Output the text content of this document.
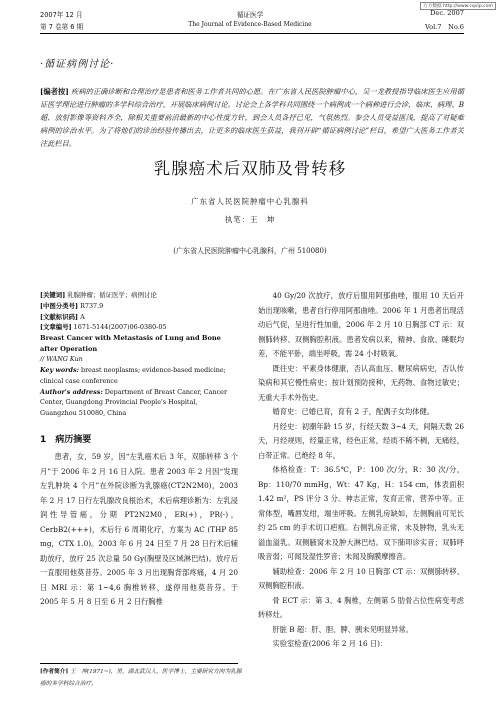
万方数据 http://www.cqvip.com
2007年 12 月
第 7 卷第 6 期
循证医学
The Journal of Evidence-Based Medicine
Dec. 2007
Vol.7　No.6
·循证病例讨论·
[编者按] 疾病的正确诊断和合理治疗是患者和医务工作者共同的心愿。在广东省人民医院肿瘤中心，吴一龙教授指导临床医生应用循证医学理论进行肿瘤的多学科综合治疗，开展临床病例讨论。讨论会上各学科共同围绕一个病例或一个病种进行会诊，临床、病理、B超、放射影像等资料齐全，除相关重要前沿最新的中心性度方针，到会人员各抒已见，气氛热烈。参会人员受益匪浅，提高了对疑难病例的诊治水平。为了将他们的诊治经验传播出去，让更多的临床医生获益，我刊开辟“循证病例讨论”栏目，希望广大医务工作者关注此栏目。
乳腺癌术后双肺及骨转移
广东省人民医院肿瘤中心乳腺科
执笔：王　坤
(广东省人民医院肿瘤中心乳腺科，广州 510080)

[关键词] 乳腺肿瘤；循证医学；病例讨论

[中图分类号] R737.9

[文献标识码] A

[文章编号] 1671-5144(2007)06-0380-05

Breast Cancer with Metastasis of Lung and Bone after Operation

// WANG Kun

Key words: breast neoplasms; evidence-based medicine; clinical case conference

Author's address: Department of Breast Cancer, Cancer Center, Guangdong Provincial People's Hospital, Guangzhou 510080, China

1　病历摘要

患者，女，59 岁，因“左乳癌术后 3 年，双肺转移 3 个月”于 2006 年 2 月 16 日入院。患者 2003 年 2 月因“发现左乳肿块 4 个月”在外院诊断为乳腺癌(CT2N2M0)，2003 年 2 月 17 日行左乳腺改良根治术，术后病理诊断为：左乳浸润性导管癌，分期 PT2N2M0，ER(+)，PR(-)，CerbB2(+++)，术后行 6 周期化疗，方案为 AC (THP 85 mg，CTX 1.0)。2003 年 6 月 24 日至 7 月 28 日行术后辅助放疗，放疗 25 次总量 50 Gy(胸壁及区域淋巴结)。放疗后一直服用他莫昔芬。2005 年 3 月出现胸背部疼痛，4 月 20 日 MRI 示：第 1~4,6 胸椎转移，遂停用他莫昔芬。于 2005 年 5 月 8 日至 6 月 2 日行胸椎

40 Gy/20 次放疗，放疗后服用阿那曲唑，服用 10 天后开始出现咳嗽，患者自行停用阿那曲唑。2006 年 1 月患者出现活动后气促，呈进行性加重，2006 年 2 月 10 日胸部 CT 示：双侧肺转移、双侧胸腔积液。患者发病以来，精神、食欲、睡眠均差，不能平卧，端坐呼吸，需 24 小时吸氧。

既往史：平素身体健康，否认高血压、糖尿病病史，否认传染病和其它慢性病史；按计划预防接种，无药物、食物过敏史；无重大手术外伤史。

婚育史：已婚已育，育有 2 子，配偶子女均体健。

月经史：初潮年龄 15 岁，行经天数 3~4 天，间隔天数 26 天，月经规则，经量正常，经色正常，经质不稀不稠，无痛经，白带正常。已绝经 8 年。

体格检查：T：36.5℃，P：100 次/分，R：30 次/分，Bp：110/70 mmHg，Wt：47 Kg，H：154 cm，体表面积 1.42 m²，PS 评分 3 分。神志正常，发育正常，营养中等。正常体型，嘴唇发绀，端坐呼吸。左侧乳房缺如，左侧胸前可见长约 25 cm 的手术切口疤痕。右侧乳房正常，未及肿物，乳头无溢血溢乳。双侧腋窝未及肿大淋巴结。双下肺叩诊实音；双肺呼吸音弱；可闻及湿性罗音；未闻及胸膜摩擦音。

辅助检查：2006 年 2 月 10 日胸部 CT 示：双侧肺转移、双侧胸腔积液。

骨 ECT 示：第 3、4 胸椎，左侧第 5 肋骨占位性病变考虑转移灶。

肝脏 B 超：肝、胆、脾、胰未见明显异常。

实验室检查(2006 年 2 月 16 日)：

[作者简介] 王　坤(1971~)，男，湖北武汉人，医学博士，主要研究方向为乳腺癌的多学科综合治疗。
